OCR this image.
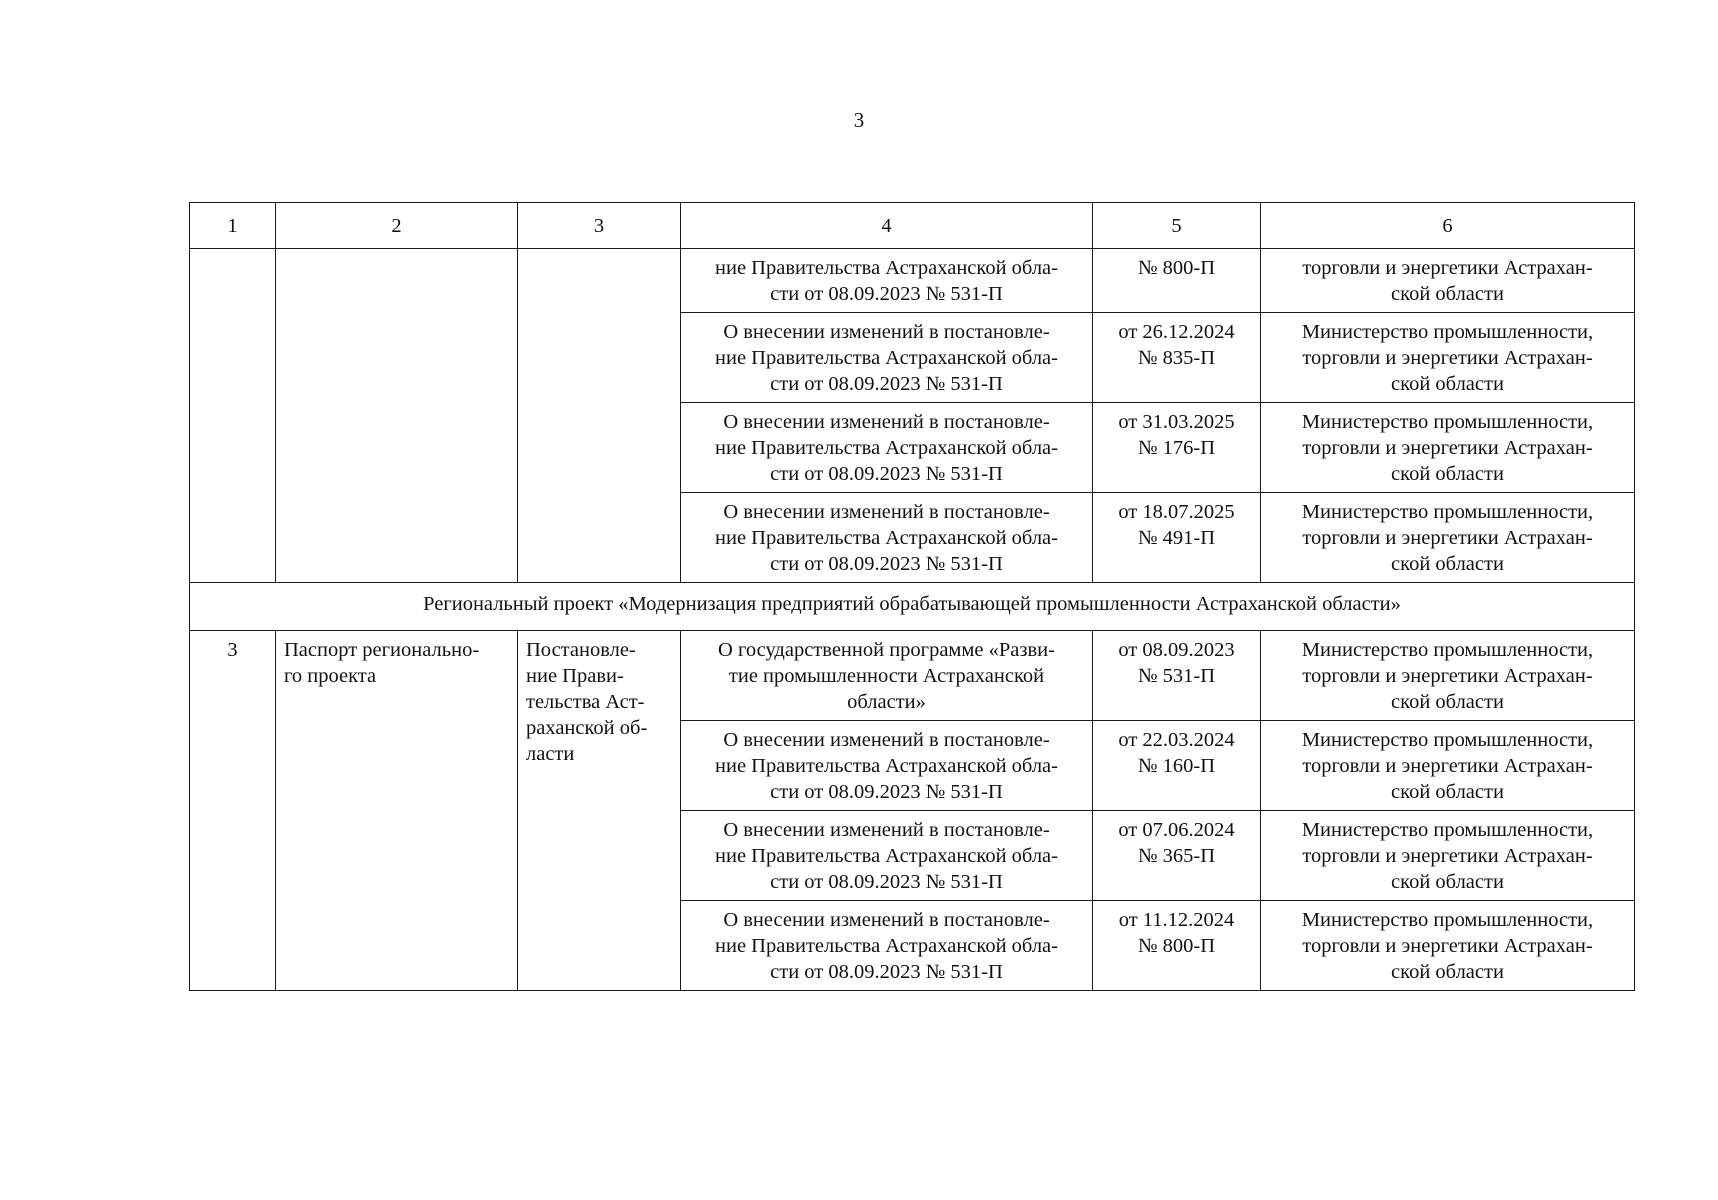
3
1	2	3	4	5	6

			ние Правительства Астраханской обла-
сти от 08.09.2023 № 531-П	№ 800-П	торговли и энергетики Астрахан-
ской области

			О внесении изменений в постановле-
ние Правительства Астраханской обла-
сти от 08.09.2023 № 531-П	от 26.12.2024
№ 835-П	Министерство промышленности,
торговли и энергетики Астрахан-
ской области

			О внесении изменений в постановле-
ние Правительства Астраханской обла-
сти от 08.09.2023 № 531-П	от 31.03.2025
№ 176-П	Министерство промышленности,
торговли и энергетики Астрахан-
ской области

			О внесении изменений в постановле-
ние Правительства Астраханской обла-
сти от 08.09.2023 № 531-П	от 18.07.2025
№ 491-П	Министерство промышленности,
торговли и энергетики Астрахан-
ской области

Региональный проект «Модернизация предприятий обрабатывающей промышленности Астраханской области»					
3	Паспорт регионально-
го проекта	Постановле-
ние Прави-
тельства Аст-
раханской об-
ласти	О государственной программе «Разви-
тие промышленности Астраханской
области»	от 08.09.2023
№ 531-П	Министерство промышленности,
торговли и энергетики Астрахан-
ской области

			О внесении изменений в постановле-
ние Правительства Астраханской обла-
сти от 08.09.2023 № 531-П	от 22.03.2024
№ 160-П	Министерство промышленности,
торговли и энергетики Астрахан-
ской области

			О внесении изменений в постановле-
ние Правительства Астраханской обла-
сти от 08.09.2023 № 531-П	от 07.06.2024
№ 365-П	Министерство промышленности,
торговли и энергетики Астрахан-
ской области

			О внесении изменений в постановле-
ние Правительства Астраханской обла-
сти от 08.09.2023 № 531-П	от 11.12.2024
№ 800-П	Министерство промышленности,
торговли и энергетики Астрахан-
ской области
